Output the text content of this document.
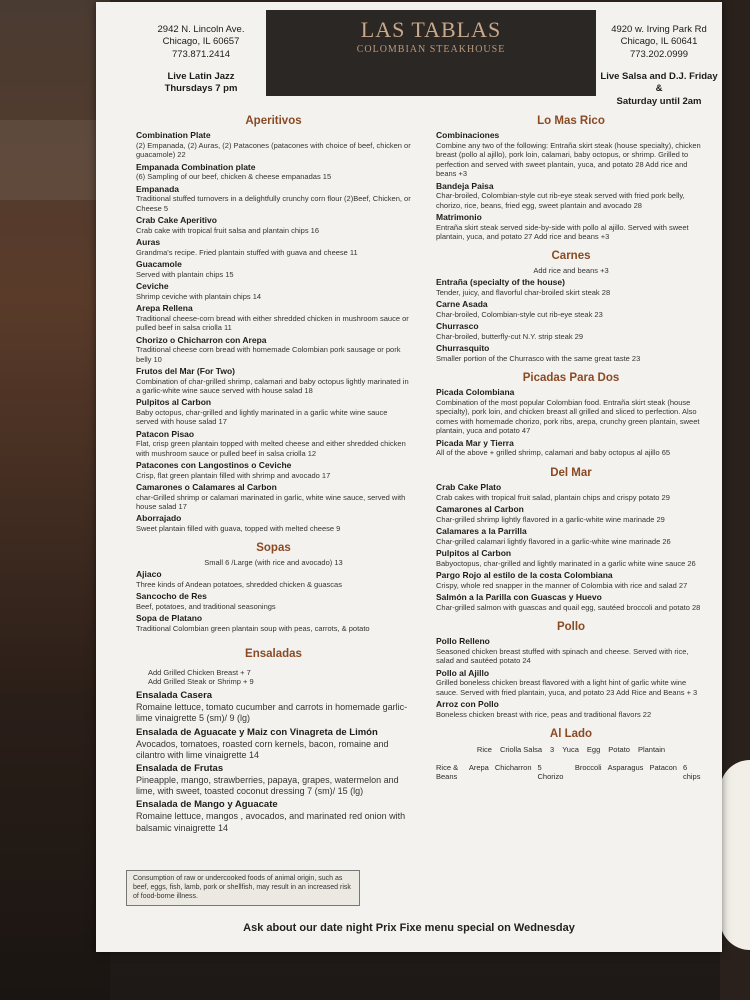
2942 N. Lincoln Ave.
Chicago, IL 60657
773.871.2414
Live Latin Jazz
Thursdays 7 pm
LAS TABLAS
COLOMBIAN STEAKHOUSE
4920 w. Irving Park Rd
Chicago, IL 60641
773.202.0999
Live Salsa and D.J. Friday &
Saturday until 2am
Aperitivos
Combination Plate
(2) Empanada, (2) Auras, (2) Patacones (patacones with choice of beef, chicken or guacamole) 22
Empanada Combination plate
(6) Sampling of our beef, chicken & cheese empanadas 15
Empanada
Traditional stuffed turnovers in a delightfully crunchy corn flour (2)Beef, Chicken, or Cheese 5
Crab Cake Aperitivo
Crab cake with tropical fruit salsa and plantain chips 16
Auras
Grandma's recipe. Fried plantain stuffed with guava and cheese 11
Guacamole
Served with plantain chips 15
Ceviche
Shrimp ceviche with plantain chips 14
Arepa Rellena
Traditional cheese-corn bread with either shredded chicken in mushroom sauce or pulled beef in salsa criolla 11
Chorizo o Chicharron con Arepa
Traditional cheese corn bread with homemade Colombian pork sausage or pork belly 10
Frutos del Mar (For Two)
Combination of char-grilled shrimp, calamari and baby octopus lightly marinated in a garlic-white wine sauce served with house salad 18
Pulpitos al Carbon
Baby octopus, char-grilled and lightly marinated in a garlic white wine sauce served with house salad 17
Patacon Pisao
Flat, crisp green plantain topped with melted cheese and either shredded chicken with mushroom sauce or pulled beef in salsa criolla 12
Patacones con Langostinos o Ceviche
Crisp, flat green plantain filled with shrimp and avocado 17
Camarones o Calamares al Carbon
char-Grilled shrimp or calamari marinated in garlic, white wine sauce, served with house salad 17
Aborrajado
Sweet plantain filled with guava, topped with melted cheese 9
Sopas
Small 6 /Large (with rice and avocado) 13
Ajiaco
Three kinds of Andean potatoes, shredded chicken & guascas
Sancocho de Res
Beef, potatoes, and traditional seasonings
Sopa de Platano
Traditional Colombian green plantain soup with peas, carrots, & potato
Ensaladas
Add Grilled Chicken Breast + 7
Add Grilled Steak or Shrimp + 9
Ensalada Casera
Romaine lettuce, tomato cucumber and carrots in homemade garlic-lime vinaigrette 5 (sm)/ 9 (lg)
Ensalada de Aguacate y Maiz con Vinagreta de Limón
Avocados, tomatoes, roasted corn kernels, bacon, romaine and cilantro with lime vinaigrette 14
Ensalada de Frutas
Pineapple, mango, strawberries, papaya, grapes, watermelon and lime, with sweet, toasted coconut dressing 7 (sm)/ 15 (lg)
Ensalada de Mango y Aguacate
Romaine lettuce, mangos , avocados, and marinated red onion with balsamic vinaigrette 14
Lo Mas Rico
Combinaciones
Combine any two of the following: Entraña skirt steak (house specialty), chicken breast (pollo al ajillo), pork loin, calamari, baby octopus, or shrimp. Grilled to perfection and served with sweet plantain, yuca, and potato 28 Add rice and beans +3
Bandeja Paisa
Char-broiled, Colombian-style cut rib-eye steak served with fried pork belly, chorizo, rice, beans, fried egg, sweet plantain and avocado 28
Matrimonio
Entraña skirt steak served side-by-side with pollo al ajillo. Served with sweet plantain, yuca, and potato 27 Add rice and beans +3
Carnes
Add rice and beans +3
Entraña (specialty of the house)
Tender, juicy, and flavorful char-broiled skirt steak 28
Carne Asada
Char-broiled, Colombian-style cut rib-eye steak 23
Churrasco
Char-broiled, butterfly-cut N.Y. strip steak 29
Churrasquito
Smaller portion of the Churrasco with the same great taste 23
Picadas Para Dos
Picada Colombiana
Combination of the most popular Colombian food. Entraña skirt steak (house specialty), pork loin, and chicken breast all grilled and sliced to perfection. Also comes with homemade chorizo, pork ribs, arepa, crunchy green plantain, sweet plantain, yuca and potato 47
Picada Mar y Tierra
All of the above + grilled shrimp, calamari and baby octopus al ajillo 65
Del Mar
Crab Cake Plato
Crab cakes with tropical fruit salad, plantain chips and crispy potato 29
Camarones al Carbon
Char-grilled shrimp lightly flavored in a garlic-white wine marinade 29
Calamares a la Parrilla
Char-grilled calamari lightly flavored in a garlic-white wine marinade 26
Pulpitos al Carbon
Babyoctopus, char-grilled and lightly marinated in a garlic white wine sauce 26
Pargo Rojo al estilo de la costa Colombiana
Crispy, whole red snapper in the manner of Colombia with rice and salad 27
Salmón a la Parilla con Guascas y Huevo
Char-grilled salmon with guascas and quail egg, sautéed broccoli and potato 28
Pollo
Pollo Relleno
Seasoned chicken breast stuffed with spinach and cheese. Served with rice, salad and sautéed potato 24
Pollo al Ajillo
Grilled boneless chicken breast flavored with a light hint of garlic white wine sauce. Served with fried plantain, yuca, and potato 23 Add Rice and Beans + 3
Arroz con Pollo
Boneless chicken breast with rice, peas and traditional flavors 22
Al Lado
Rice Criolla Salsa 3 Yuca Egg Potato Plantain
Rice & Beans
Arepa Chicharron 5 Chorizo
Broccoli Asparagus Patacon 6 chips
Consumption of raw or undercooked foods of animal origin, such as beef, eggs, fish, lamb, pork or shellfish, may result in an increased risk of food-borne illness.
Ask about our date night Prix Fixe menu special on Wednesday
